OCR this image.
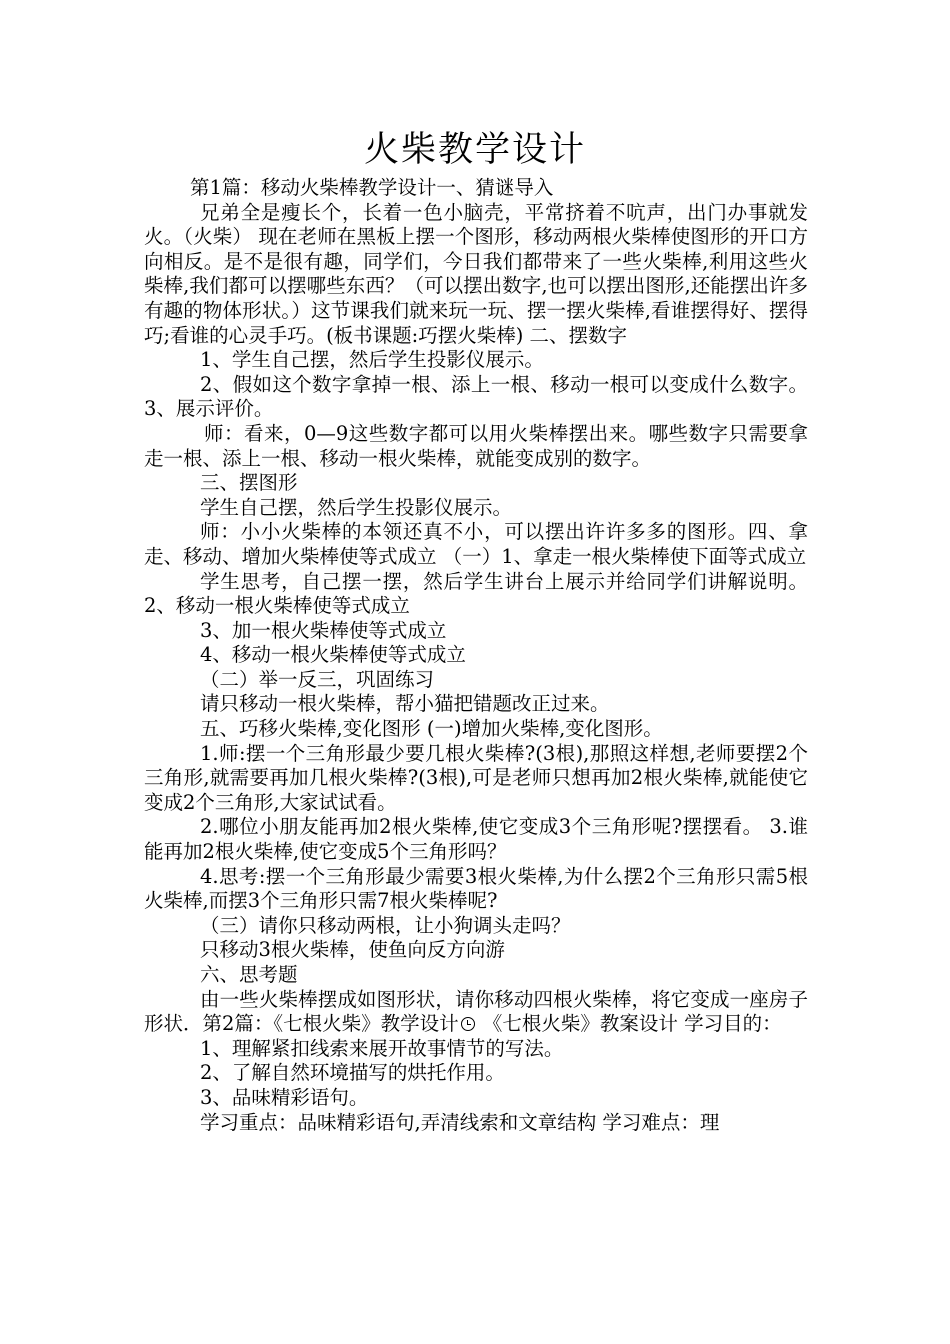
火柴教学设计

第1篇：移动火柴棒教学设计一、猜谜导入

兄弟全是瘦长个，长着一色小脑壳，平常挤着不吭声，出门办事就发火。（火柴） 现在老师在黑板上摆一个图形，移动两根火柴棒使图形的开口方向相反。是不是很有趣，同学们，今日我们都带来了一些火柴棒,利用这些火柴棒,我们都可以摆哪些东西？（可以摆出数字,也可以摆出图形,还能摆出许多有趣的物体形状。）这节课我们就来玩一玩、摆一摆火柴棒,看谁摆得好、摆得巧;看谁的心灵手巧。(板书课题:巧摆火柴棒) 二、摆数字

1、学生自己摆，然后学生投影仪展示。

2、假如这个数字拿掉一根、添上一根、移动一根可以变成什么数字。 3、展示评价。

师：看来，0—9这些数字都可以用火柴棒摆出来。哪些数字只需要拿走一根、添上一根、移动一根火柴棒，就能变成别的数字。

三、摆图形

学生自己摆，然后学生投影仪展示。

师：小小火柴棒的本领还真不小，可以摆出许许多多的图形。四、拿走、移动、增加火柴棒使等式成立 （一）1、拿走一根火柴棒使下面等式成立

学生思考，自己摆一摆，然后学生讲台上展示并给同学们讲解说明。 2、移动一根火柴棒使等式成立

3、加一根火柴棒使等式成立

4、移动一根火柴棒使等式成立

（二）举一反三，巩固练习

请只移动一根火柴棒，帮小猫把错题改正过来。

五、巧移火柴棒,变化图形 (一)增加火柴棒,变化图形。

1.师:摆一个三角形最少要几根火柴棒?(3根),那照这样想,老师要摆2个三角形,就需要再加几根火柴棒?(3根),可是老师只想再加2根火柴棒,就能使它变成2个三角形,大家试试看。

2.哪位小朋友能再加2根火柴棒,使它变成3个三角形呢?摆摆看。 3.谁能再加2根火柴棒,使它变成5个三角形吗？

4.思考:摆一个三角形最少需要3根火柴棒,为什么摆2个三角形只需5根火柴棒,而摆3个三角形只需7根火柴棒呢?

（三）请你只移动两根，让小狗调头走吗？

只移动3根火柴棒，使鱼向反方向游

六、思考题

由一些火柴棒摆成如图形状，请你移动四根火柴棒，将它变成一座房子形状．第2篇：《七根火柴》教学设计 《七根火柴》教案设计 学习目的：

1、理解紧扣线索来展开故事情节的写法。

2、了解自然环境描写的烘托作用。

3、品味精彩语句。

学习重点：品味精彩语句,弄清线索和文章结构 学习难点：理
